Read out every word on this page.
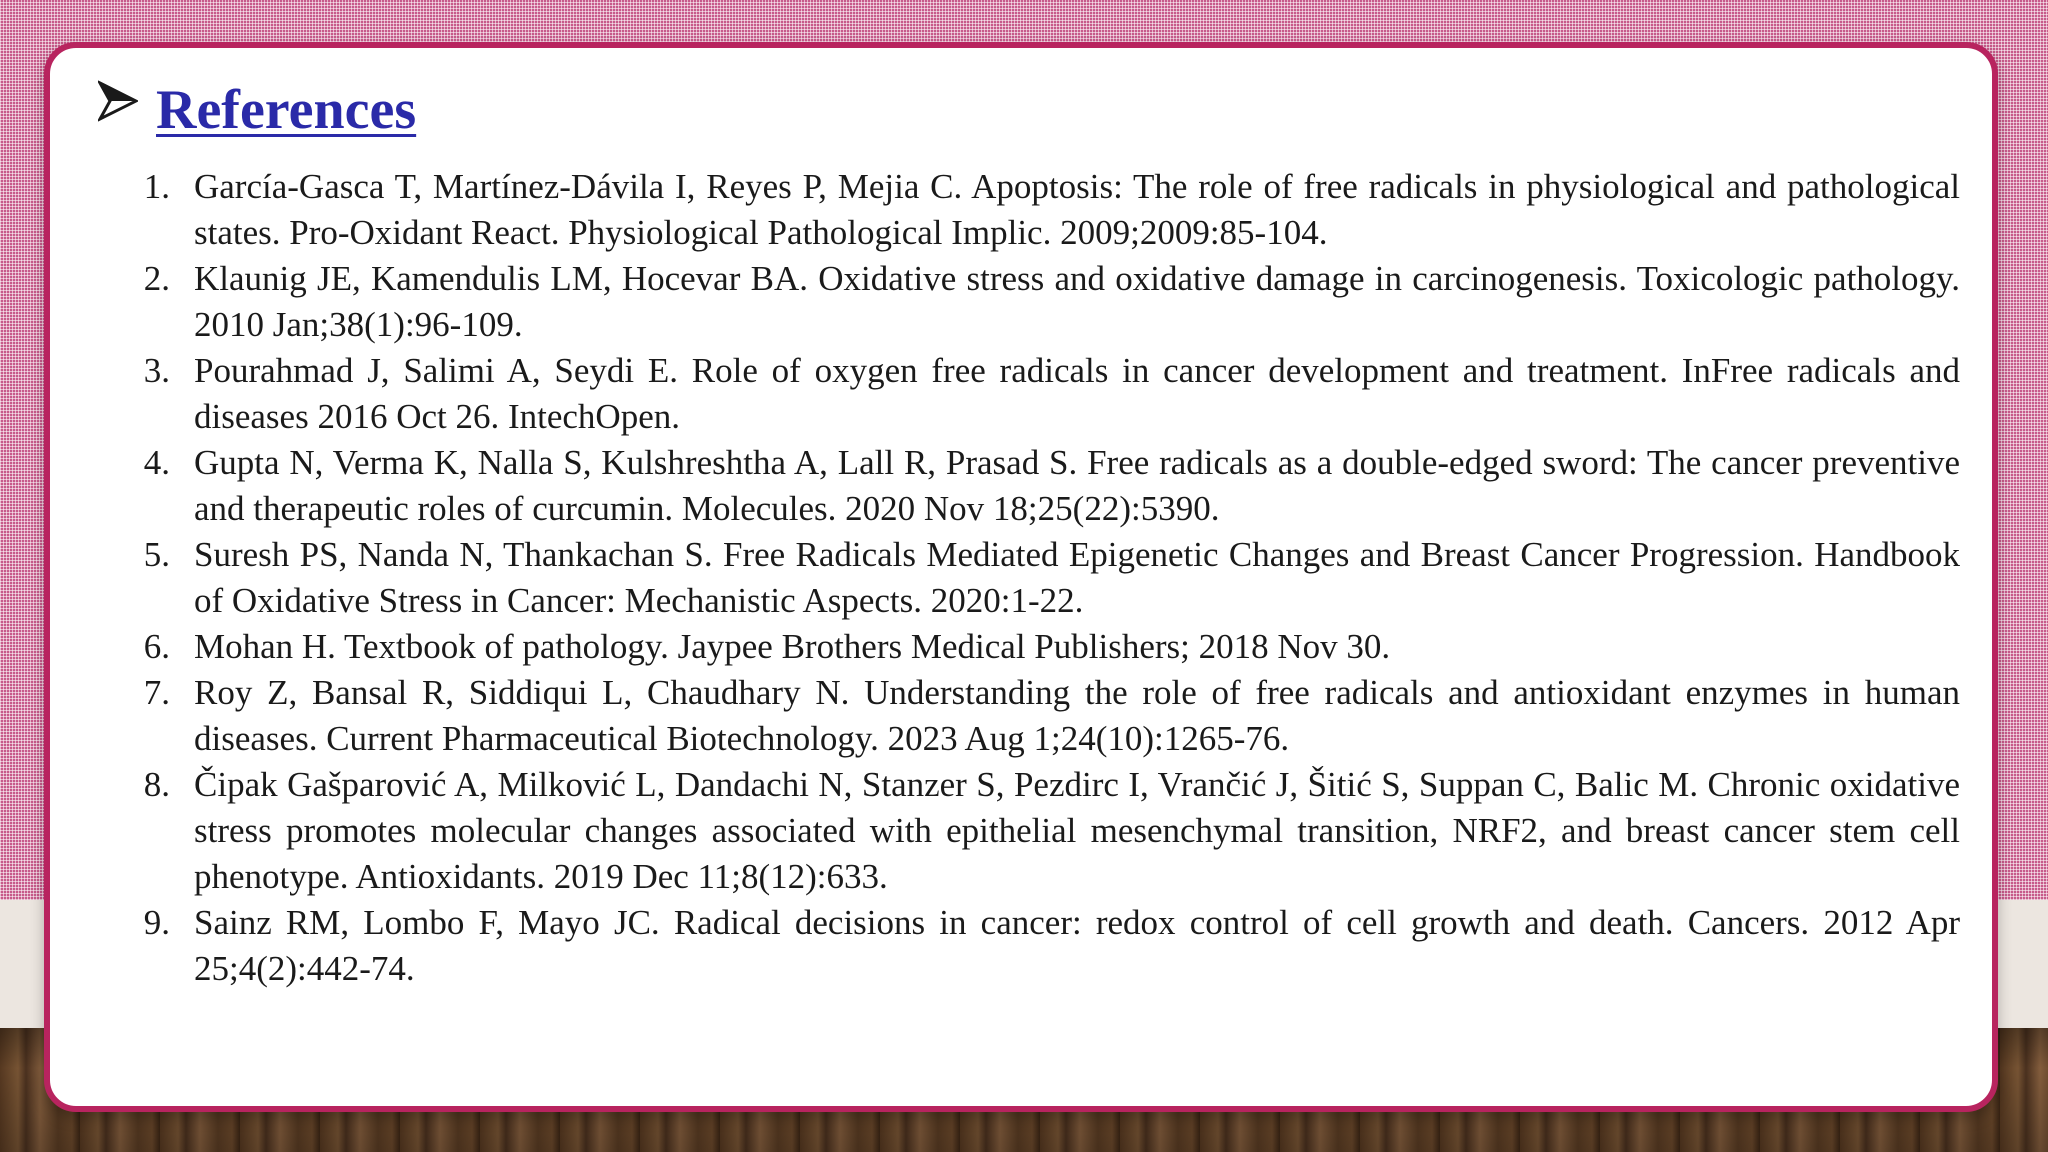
References
1. García-Gasca T, Martínez-Dávila I, Reyes P, Mejia C. Apoptosis: The role of free radicals in physiological and pathological states. Pro-Oxidant React. Physiological Pathological Implic. 2009;2009:85-104.
2. Klaunig JE, Kamendulis LM, Hocevar BA. Oxidative stress and oxidative damage in carcinogenesis. Toxicologic pathology. 2010 Jan;38(1):96-109.
3. Pourahmad J, Salimi A, Seydi E. Role of oxygen free radicals in cancer development and treatment. InFree radicals and diseases 2016 Oct 26. IntechOpen.
4. Gupta N, Verma K, Nalla S, Kulshreshtha A, Lall R, Prasad S. Free radicals as a double-edged sword: The cancer preventive and therapeutic roles of curcumin. Molecules. 2020 Nov 18;25(22):5390.
5. Suresh PS, Nanda N, Thankachan S. Free Radicals Mediated Epigenetic Changes and Breast Cancer Progression. Handbook of Oxidative Stress in Cancer: Mechanistic Aspects. 2020:1-22.
6. Mohan H. Textbook of pathology. Jaypee Brothers Medical Publishers; 2018 Nov 30.
7. Roy Z, Bansal R, Siddiqui L, Chaudhary N. Understanding the role of free radicals and antioxidant enzymes in human diseases. Current Pharmaceutical Biotechnology. 2023 Aug 1;24(10):1265-76.
8. Čipak Gašparović A, Milković L, Dandachi N, Stanzer S, Pezdirc I, Vrančić J, Šitić S, Suppan C, Balic M. Chronic oxidative stress promotes molecular changes associated with epithelial mesenchymal transition, NRF2, and breast cancer stem cell phenotype. Antioxidants. 2019 Dec 11;8(12):633.
9. Sainz RM, Lombo F, Mayo JC. Radical decisions in cancer: redox control of cell growth and death. Cancers. 2012 Apr 25;4(2):442-74.
